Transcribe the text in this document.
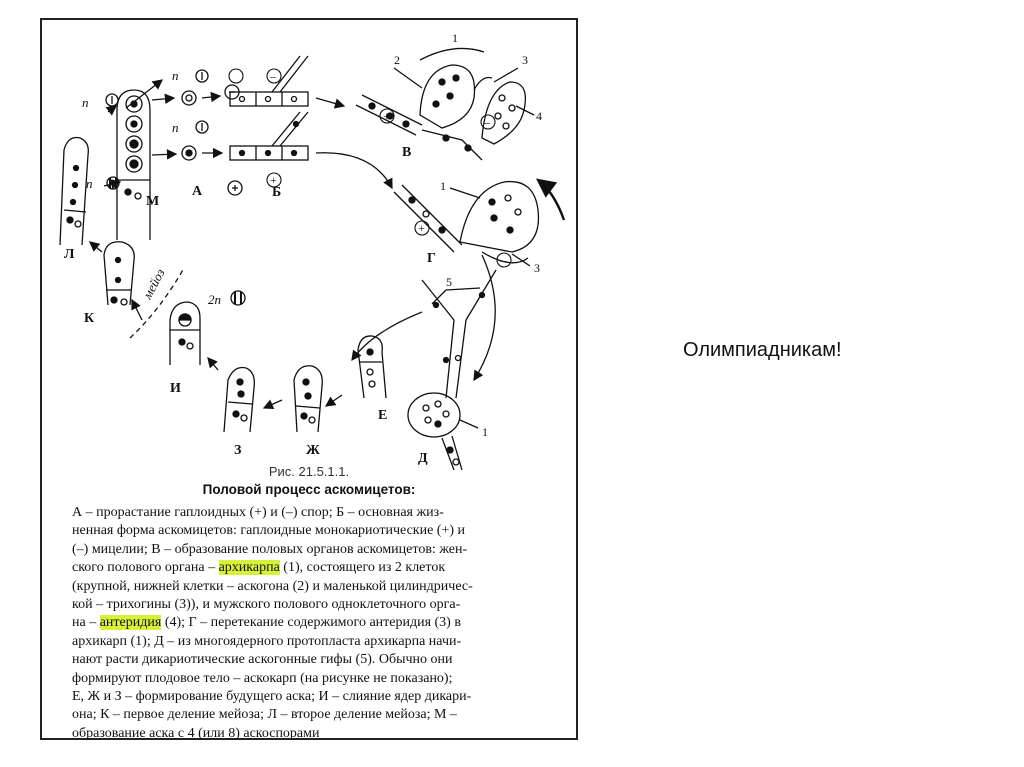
А	Б
В
Г
Д
Е
Ж
З
И
К
Л
М
n
n
n
n
2n
мейоз
2
1
3
4
1
3
5
1
–
+
+
+
–
–
Рис. 21.5.1.1.
Половой процесс аскомицетов:
А – прорастание гаплоидных (+) и (–) спор; Б – основная жиз-
ненная форма аскомицетов: гаплоидные монокариотические (+) и
(–) мицелии; В – образование половых органов аскомицетов: жен-
ского полового органа – архикарпа (1), состоящего из 2 клеток
(крупной, нижней клетки – аскогона (2) и маленькой цилиндричес-
кой – трихогины (3)), и мужского полового одноклеточного орга-
на – антеридия (4); Г – перетекание содержимого антеридия (3) в
архикарп (1); Д – из многоядерного протопласта архикарпа начи-
нают расти дикариотические аскогонные гифы (5). Обычно они
формируют плодовое тело – аскокарп (на рисунке не показано);
Е, Ж и З – формирование будущего аска; И – слияние ядер дикари-
она; К – первое деление мейоза; Л – второе деление мейоза; М –
образование аска с 4 (или 8) аскоспорами
Олимпиадникам!
